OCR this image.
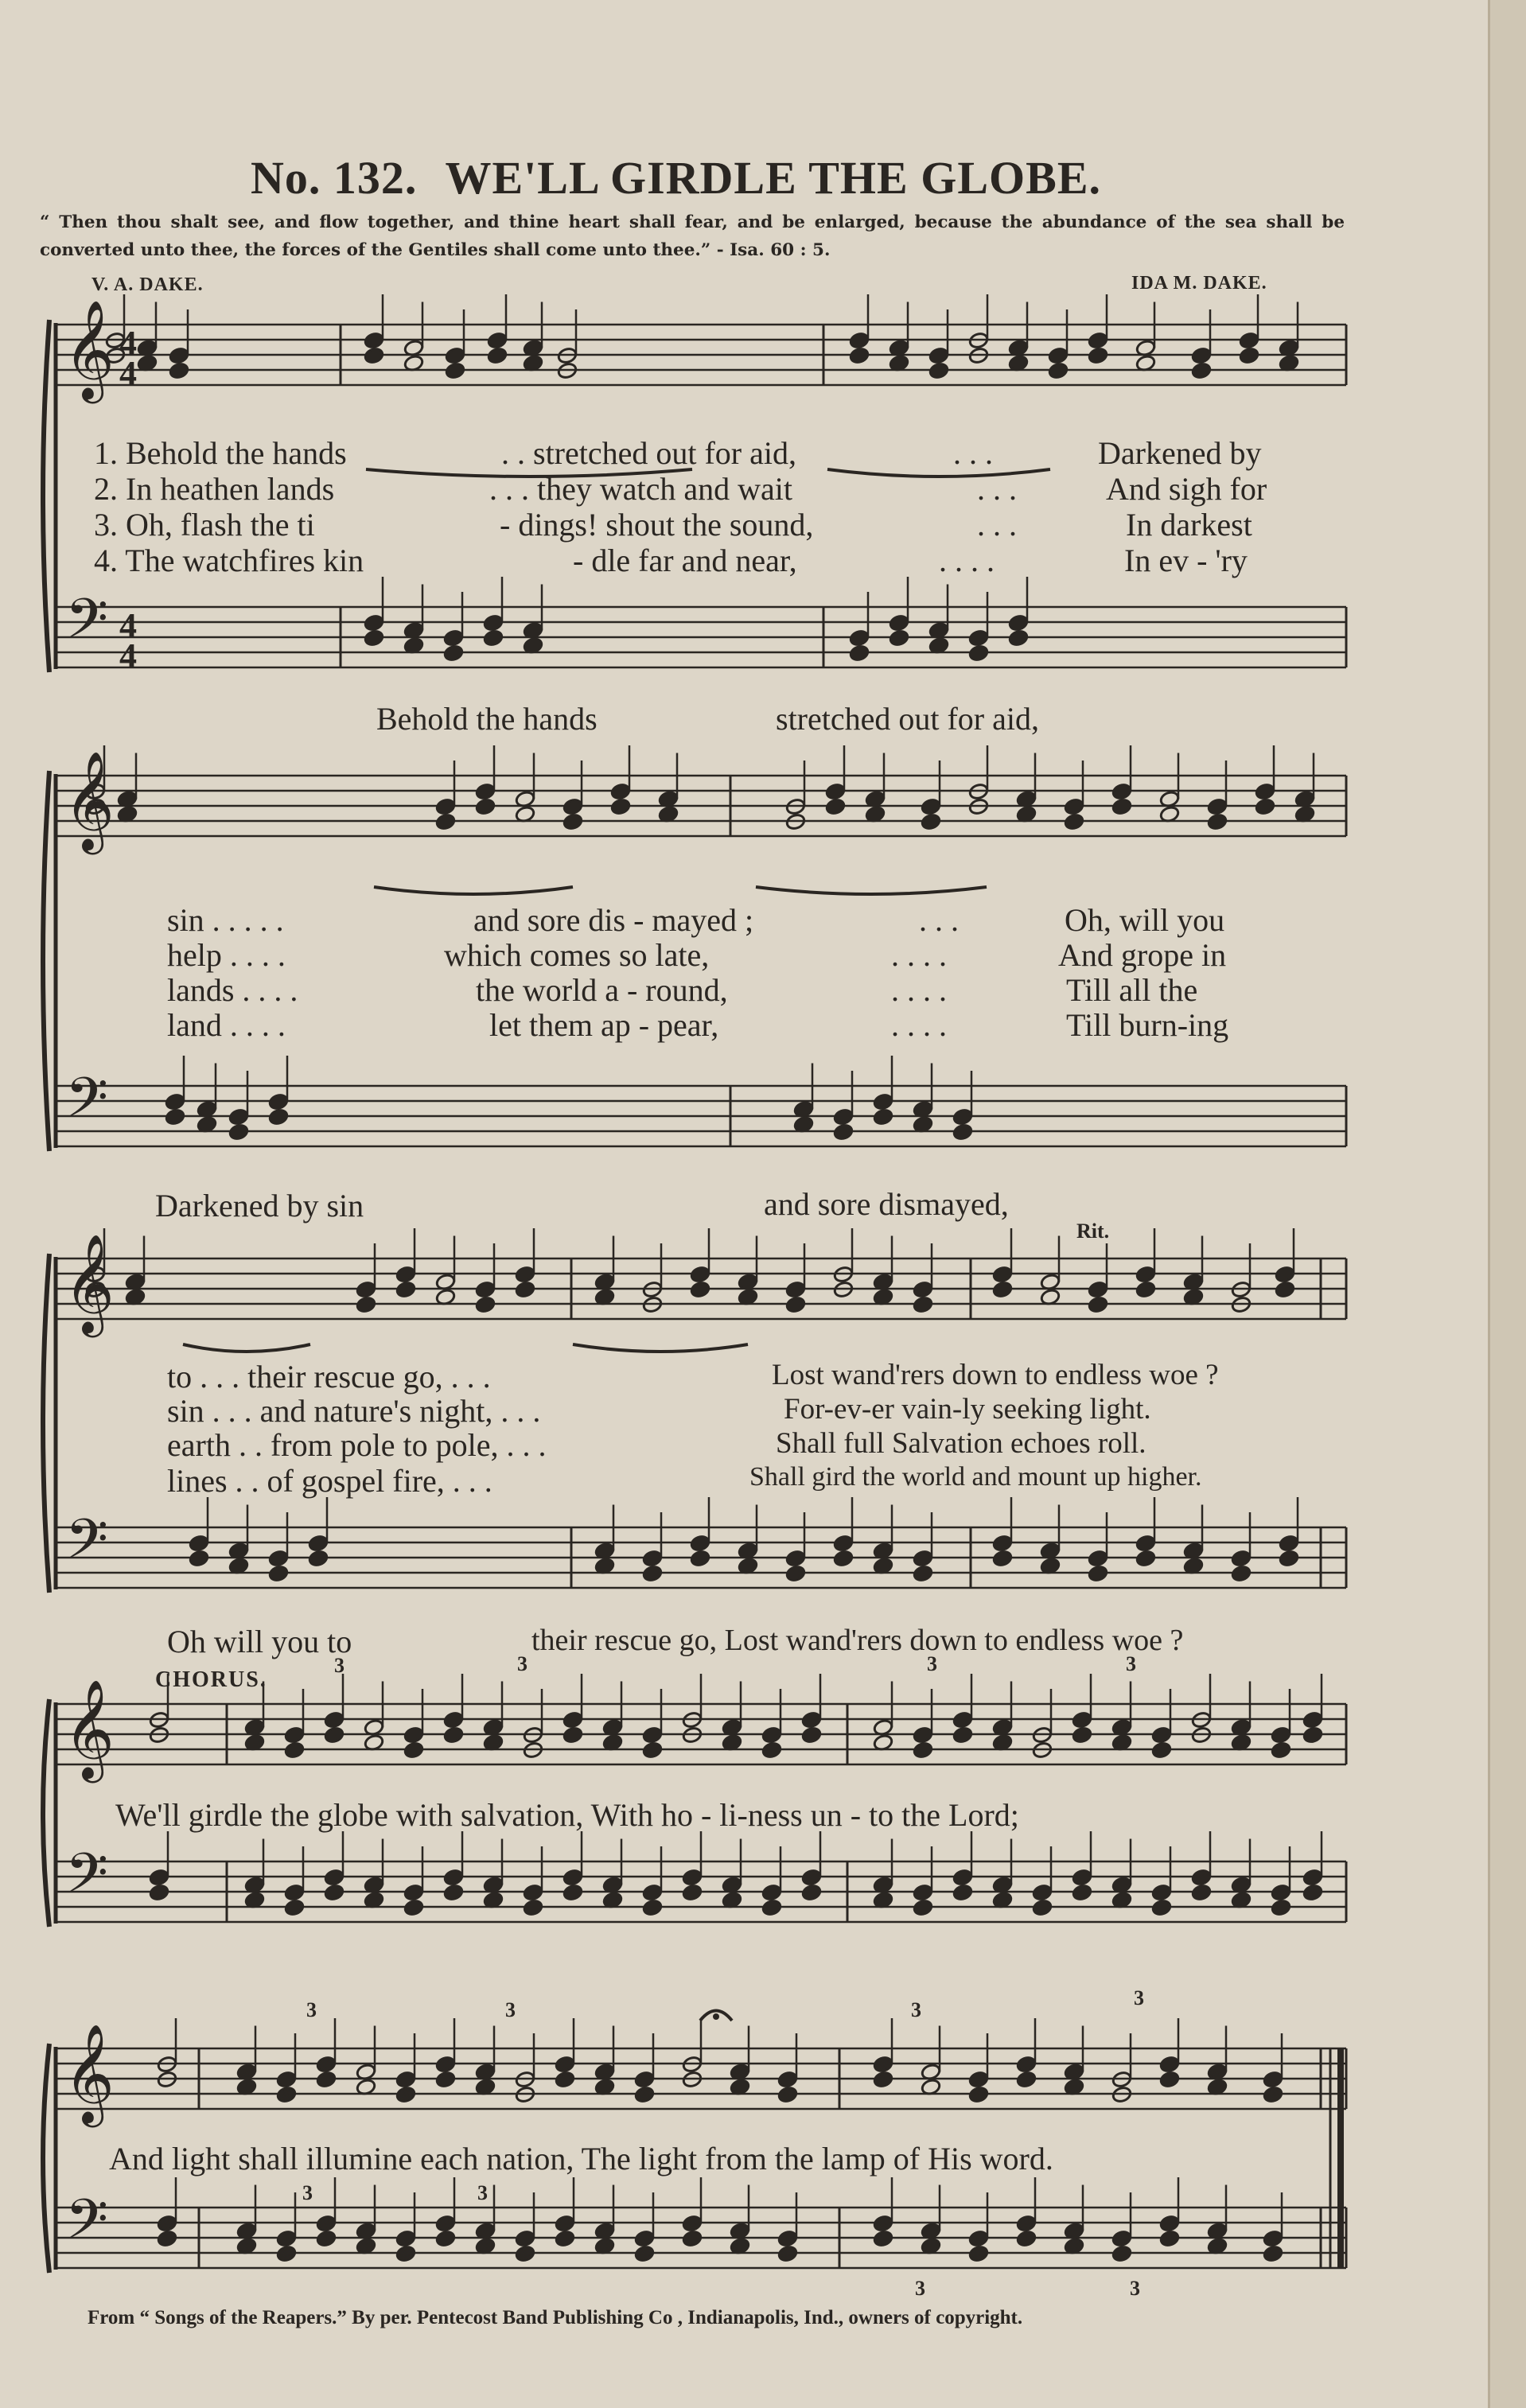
No. 132. WE'LL GIRDLE THE GLOBE.
“ Then thou shalt see, and flow together, and thine heart shall fear, and be enlarged, because the abundance of the sea shall be converted unto thee, the forces of the Gentiles shall come unto thee.” - Isa. 60 : 5.
V. A. DAKE.	IDA M. DAKE.
𝄞
𝄢
𝄞
𝄢
𝄞
𝄢
𝄞
𝄢
𝄞
𝄢
4
4
4
4
3	3	3	3
3	3	3
3
3	3
3	3
1. Behold the hands	. . stretched out for aid,	. . .	Darkened by
2. In heathen lands	. . . they watch and wait	. . .	And sigh for
3. Oh, flash the ti	- dings! shout the sound,	. . .	In darkest
4. The watchfires kin	- dle far and near,	. . . .	In ev - 'ry
Behold the hands	stretched out for aid,
sin . . . . .	and sore dis - mayed ;	. . .	Oh, will you
help . . . .	which comes so late,	. . . .	And grope in
lands . . . .	the world a - round,	. . . .	Till all the
land . . . .	let them ap - pear,	. . . .	Till burn-ing
Darkened by sin	and sore dismayed,
Rit.
to . . . their rescue go, . . .	Lost wand'rers down to endless woe ?
sin . . . and nature's night, . . .	For-ev-er vain-ly seeking light.
earth . . from pole to pole, . . .	Shall full Salvation echoes roll.
lines . . of gospel fire, . . .	Shall gird the world and mount up higher.
Oh will you to	their rescue go, Lost wand'rers down to endless woe ?
CHORUS.
We'll girdle the globe with salvation, With ho - li-ness un - to the Lord;
And light shall illumine each nation, The light from the lamp of His word.
From “ Songs of the Reapers.” By per. Pentecost Band Publishing Co , Indianapolis, Ind., owners of copyright.
